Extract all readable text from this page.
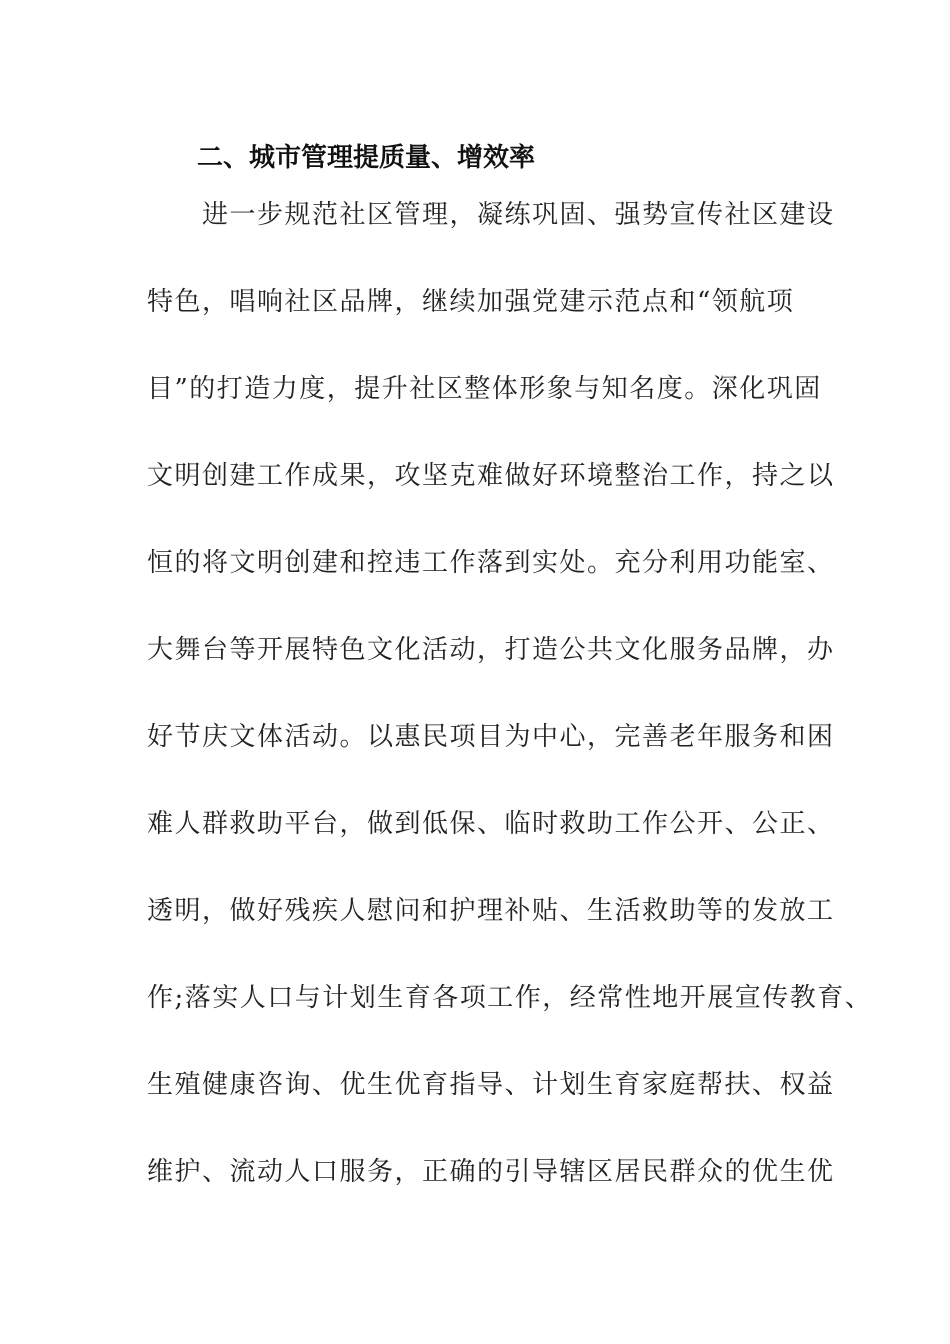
二、城市管理提质量、增效率
　　进一步规范社区管理，凝练巩固、强势宣传社区建设
特色，唱响社区品牌，继续加强党建示范点和“领航项
目”的打造力度，提升社区整体形象与知名度。深化巩固
文明创建工作成果，攻坚克难做好环境整治工作，持之以
恒的将文明创建和控违工作落到实处。充分利用功能室、
大舞台等开展特色文化活动，打造公共文化服务品牌，办
好节庆文体活动。以惠民项目为中心，完善老年服务和困
难人群救助平台，做到低保、临时救助工作公开、公正、
透明，做好残疾人慰问和护理补贴、生活救助等的发放工
作;落实人口与计划生育各项工作，经常性地开展宣传教育、
生殖健康咨询、优生优育指导、计划生育家庭帮扶、权益
维护、流动人口服务，正确的引导辖区居民群众的优生优
